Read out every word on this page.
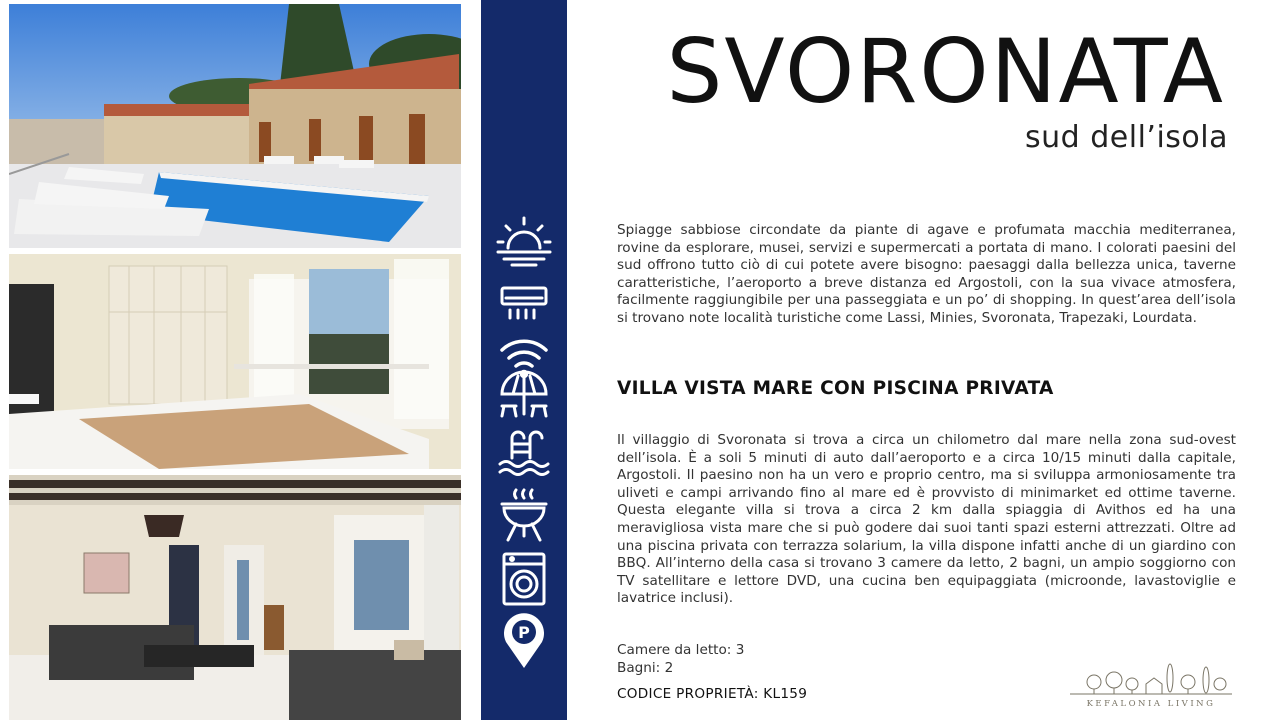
P
SVORONATA
sud dell’isola

Spiagge sabbiose circondate da piante di agave e profumata macchia mediterranea, rovine da esplorare, musei, servizi e supermercati a portata di mano. I colorati paesini del sud offrono tutto ciò di cui potete avere bisogno: paesaggi dalla bellezza unica, taverne caratteristiche, l’aeroporto a breve distanza ed Argostoli, con la sua vivace atmosfera, facilmente raggiungibile per una passeggiata e un po’ di shopping. In quest’area dell’isola si trovano note località turistiche come Lassi, Minies, Svoronata, Trapezaki, Lourdata.

VILLA VISTA MARE CON PISCINA PRIVATA

Il villaggio di Svoronata si trova a circa un chilometro dal mare nella zona sud-ovest dell’isola. È a soli 5 minuti di auto dall’aeroporto e a circa 10/15 minuti dalla capitale, Argostoli. Il paesino non ha un vero e proprio centro, ma si sviluppa armoniosamente tra uliveti e campi arrivando fino al mare ed è provvisto di minimarket ed ottime taverne. Questa elegante villa si trova a circa 2 km dalla spiaggia di Avithos ed ha una meravigliosa vista mare che si può godere dai suoi tanti spazi esterni attrezzati. Oltre ad una piscina privata con terrazza solarium, la villa dispone infatti anche di un giardino con BBQ. All’interno della casa si trovano 3 camere da letto, 2 bagni, un ampio soggiorno con TV satellitare e lettore DVD, una cucina ben equipaggiata (microonde, lavastoviglie e lavatrice inclusi).

Camere da letto: 3
Bagni: 2
CODICE PROPRIETÀ: KL159
KEFALONIA LIVING
